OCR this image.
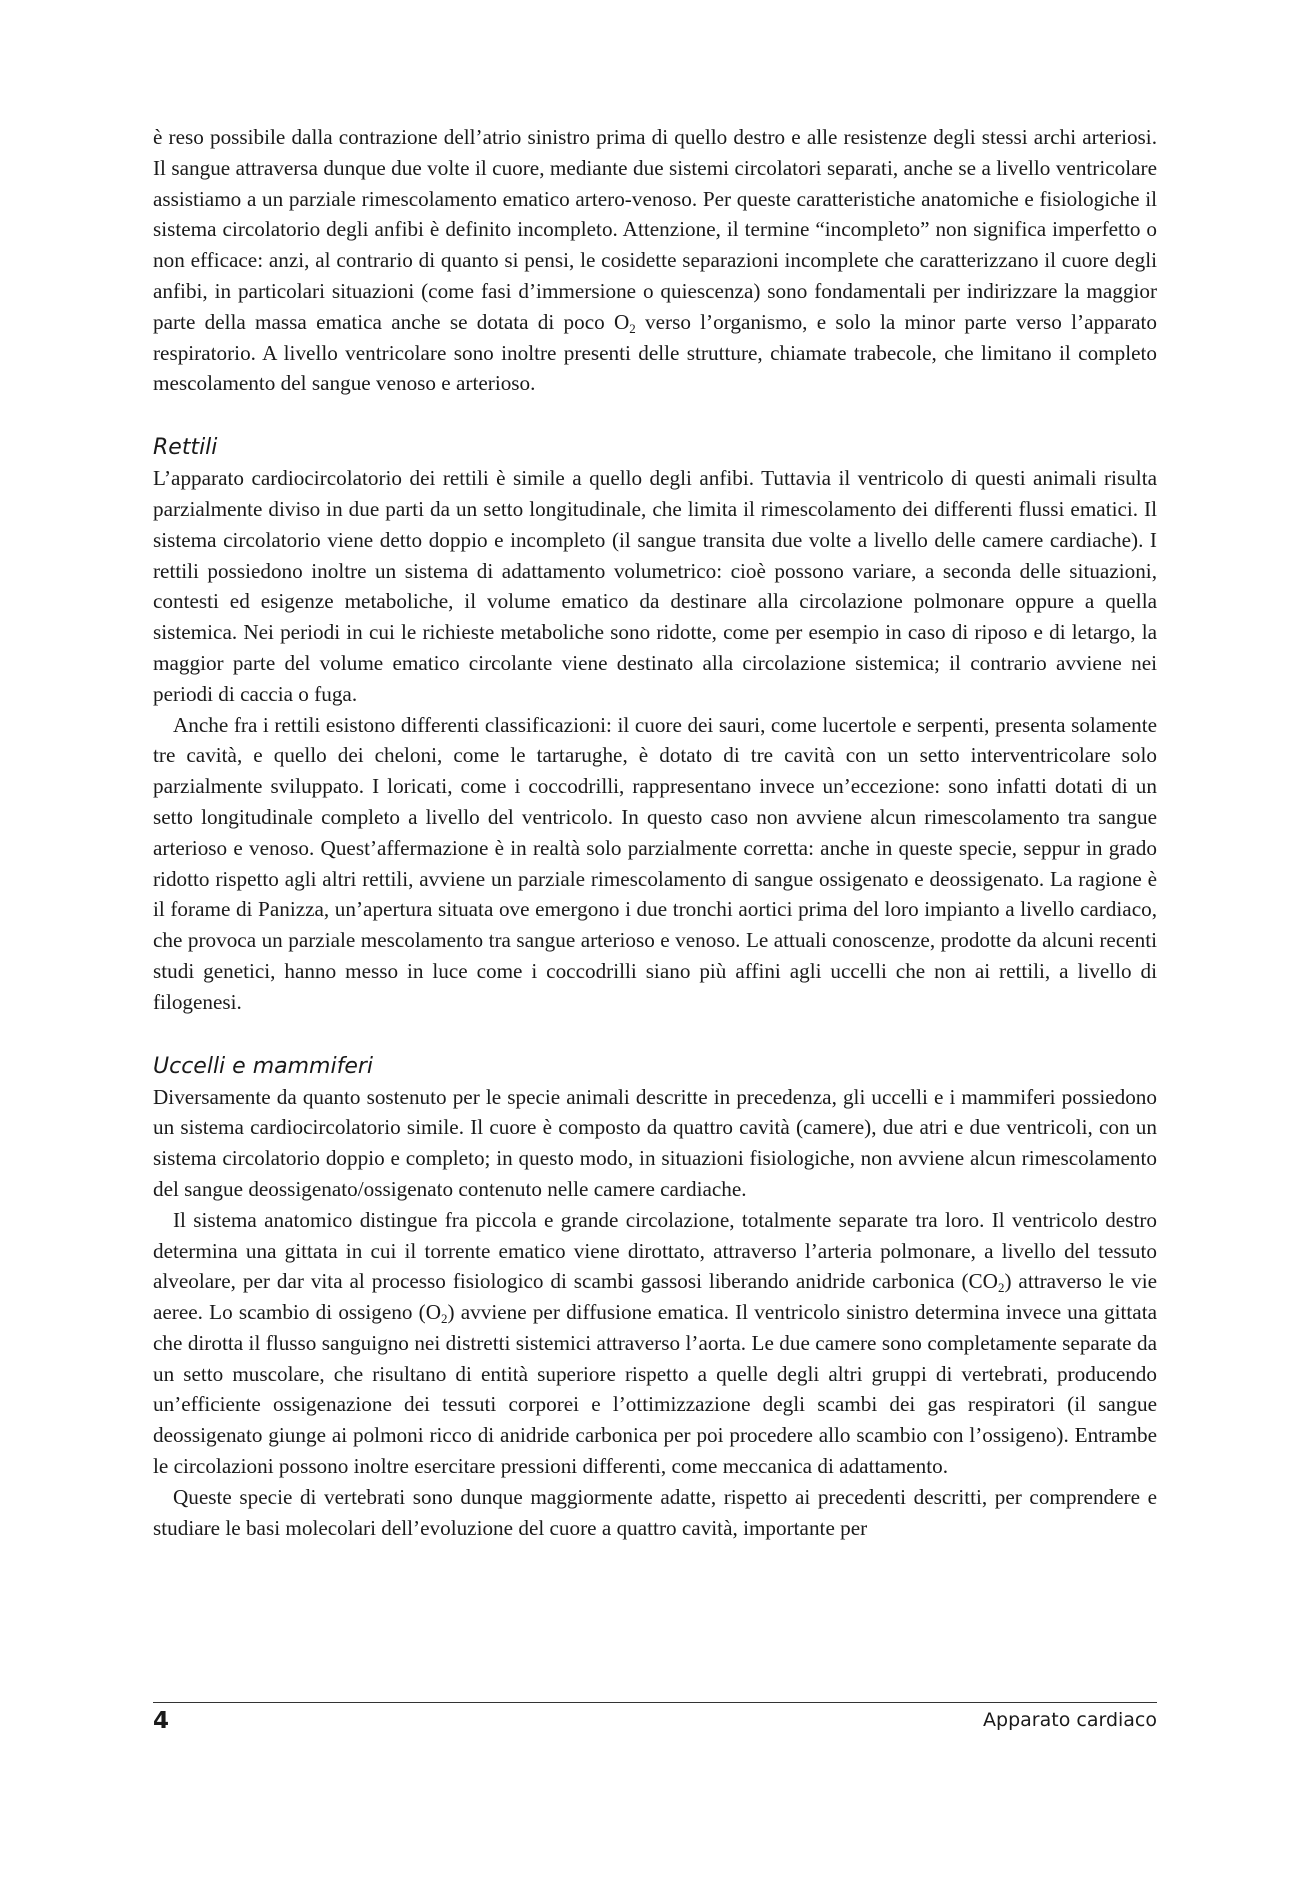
è reso possibile dalla contrazione dell’atrio sinistro prima di quello destro e alle resistenze degli stessi archi arteriosi. Il sangue attraversa dunque due volte il cuore, mediante due sistemi circolatori separati, anche se a livello ventricolare assistiamo a un parziale rimescolamento ematico artero-venoso. Per queste caratteristiche anatomiche e fisiologiche il sistema circolatorio degli anfibi è definito incompleto. Attenzione, il termine “incompleto” non significa imperfetto o non efficace: anzi, al contrario di quanto si pensi, le cosidette separazioni incomplete che caratterizzano il cuore degli anfibi, in particolari situazioni (come fasi d’immersione o quiescenza) sono fondamentali per indirizzare la maggior parte della massa ematica anche se dotata di poco $O_2$ verso l’organismo, e solo la minor parte verso l’apparato respiratorio. A livello ventricolare sono inoltre presenti delle strutture, chiamate trabecole, che limitano il completo mescolamento del sangue venoso e arterioso.

Rettili

L’apparato cardiocircolatorio dei rettili è simile a quello degli anfibi. Tuttavia il ventricolo di questi animali risulta parzialmente diviso in due parti da un setto longitudinale, che limita il rimescolamento dei differenti flussi ematici. Il sistema circolatorio viene detto doppio e incompleto (il sangue transita due volte a livello delle camere cardiache). I rettili possiedono inoltre un sistema di adattamento volumetrico: cioè possono variare, a seconda delle situazioni, contesti ed esigenze metaboliche, il volume ematico da destinare alla circolazione polmonare oppure a quella sistemica. Nei periodi in cui le richieste metaboliche sono ridotte, come per esempio in caso di riposo e di letargo, la maggior parte del volume ematico circolante viene destinato alla circolazione sistemica; il contrario avviene nei periodi di caccia o fuga.

Anche fra i rettili esistono differenti classificazioni: il cuore dei sauri, come lucertole e serpenti, presenta solamente tre cavità, e quello dei cheloni, come le tartarughe, è dotato di tre cavità con un setto interventricolare solo parzialmente sviluppato. I loricati, come i coccodrilli, rappresentano invece un’eccezione: sono infatti dotati di un setto longitudinale completo a livello del ventricolo. In questo caso non avviene alcun rimescolamento tra sangue arterioso e venoso. Quest’affermazione è in realtà solo parzialmente corretta: anche in queste specie, seppur in grado ridotto rispetto agli altri rettili, avviene un parziale rimescolamento di sangue ossigenato e deossigenato. La ragione è il forame di Panizza, un’apertura situata ove emergono i due tronchi aortici prima del loro impianto a livello cardiaco, che provoca un parziale mescolamento tra sangue arterioso e venoso. Le attuali conoscenze, prodotte da alcuni recenti studi genetici, hanno messo in luce come i coccodrilli siano più affini agli uccelli che non ai rettili, a livello di filogenesi.

Uccelli e mammiferi

Diversamente da quanto sostenuto per le specie animali descritte in precedenza, gli uccelli e i mammiferi possiedono un sistema cardiocircolatorio simile. Il cuore è composto da quattro cavità (camere), due atri e due ventricoli, con un sistema circolatorio doppio e completo; in questo modo, in situazioni fisiologiche, non avviene alcun rimescolamento del sangue deossigenato/ossigenato contenuto nelle camere cardiache.

Il sistema anatomico distingue fra piccola e grande circolazione, totalmente separate tra loro. Il ventricolo destro determina una gittata in cui il torrente ematico viene dirottato, attraverso l’arteria polmonare, a livello del tessuto alveolare, per dar vita al processo fisiologico di scambi gassosi liberando anidride carbonica $(CO_2)$ attraverso le vie aeree. Lo scambio di ossigeno $(O_2)$ avviene per diffusione ematica. Il ventricolo sinistro determina invece una gittata che dirotta il flusso sanguigno nei distretti sistemici attraverso l’aorta. Le due camere sono completamente separate da un setto muscolare, che risultano di entità superiore rispetto a quelle degli altri gruppi di vertebrati, producendo un’efficiente ossigenazione dei tessuti corporei e l’ottimizzazione degli scambi dei gas respiratori (il sangue deossigenato giunge ai polmoni ricco di anidride carbonica per poi procedere allo scambio con l’ossigeno). Entrambe le circolazioni possono inoltre esercitare pressioni differenti, come meccanica di adattamento.

Queste specie di vertebrati sono dunque maggiormente adatte, rispetto ai precedenti descritti, per comprendere e studiare le basi molecolari dell’evoluzione del cuore a quattro cavità, importante per

4	Apparato cardiaco
